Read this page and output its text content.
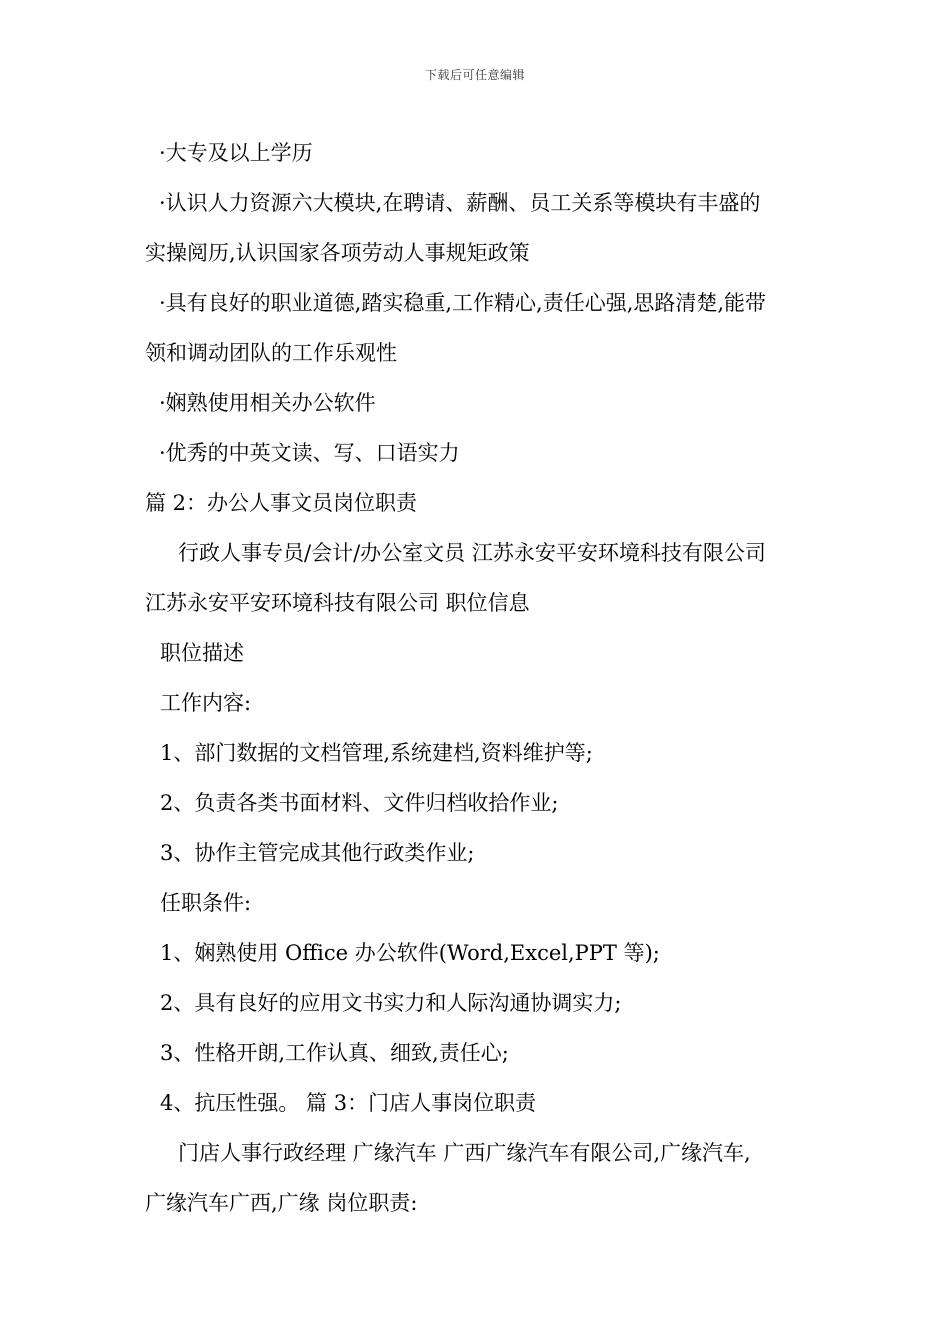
下载后可任意编辑
·大专及以上学历
·认识人力资源六大模块,在聘请、薪酬、员工关系等模块有丰盛的
实操阅历,认识国家各项劳动人事规矩政策
·具有良好的职业道德,踏实稳重,工作精心,责任心强,思路清楚,能带
领和调动团队的工作乐观性
·娴熟使用相关办公软件
·优秀的中英文读、写、口语实力
篇 2：办公人事文员岗位职责
行政人事专员/会计/办公室文员 江苏永安平安环境科技有限公司
江苏永安平安环境科技有限公司 职位信息
职位描述
工作内容:
1、部门数据的文档管理,系统建档,资料维护等;
2、负责各类书面材料、文件归档收拾作业;
3、协作主管完成其他行政类作业;
任职条件:
1、娴熟使用 Office 办公软件(Word,Excel,PPT 等);
2、具有良好的应用文书实力和人际沟通协调实力;
3、性格开朗,工作认真、细致,责任心;
4、抗压性强。 篇 3：门店人事岗位职责
门店人事行政经理 广缘汽车 广西广缘汽车有限公司,广缘汽车,
广缘汽车广西,广缘 岗位职责:
